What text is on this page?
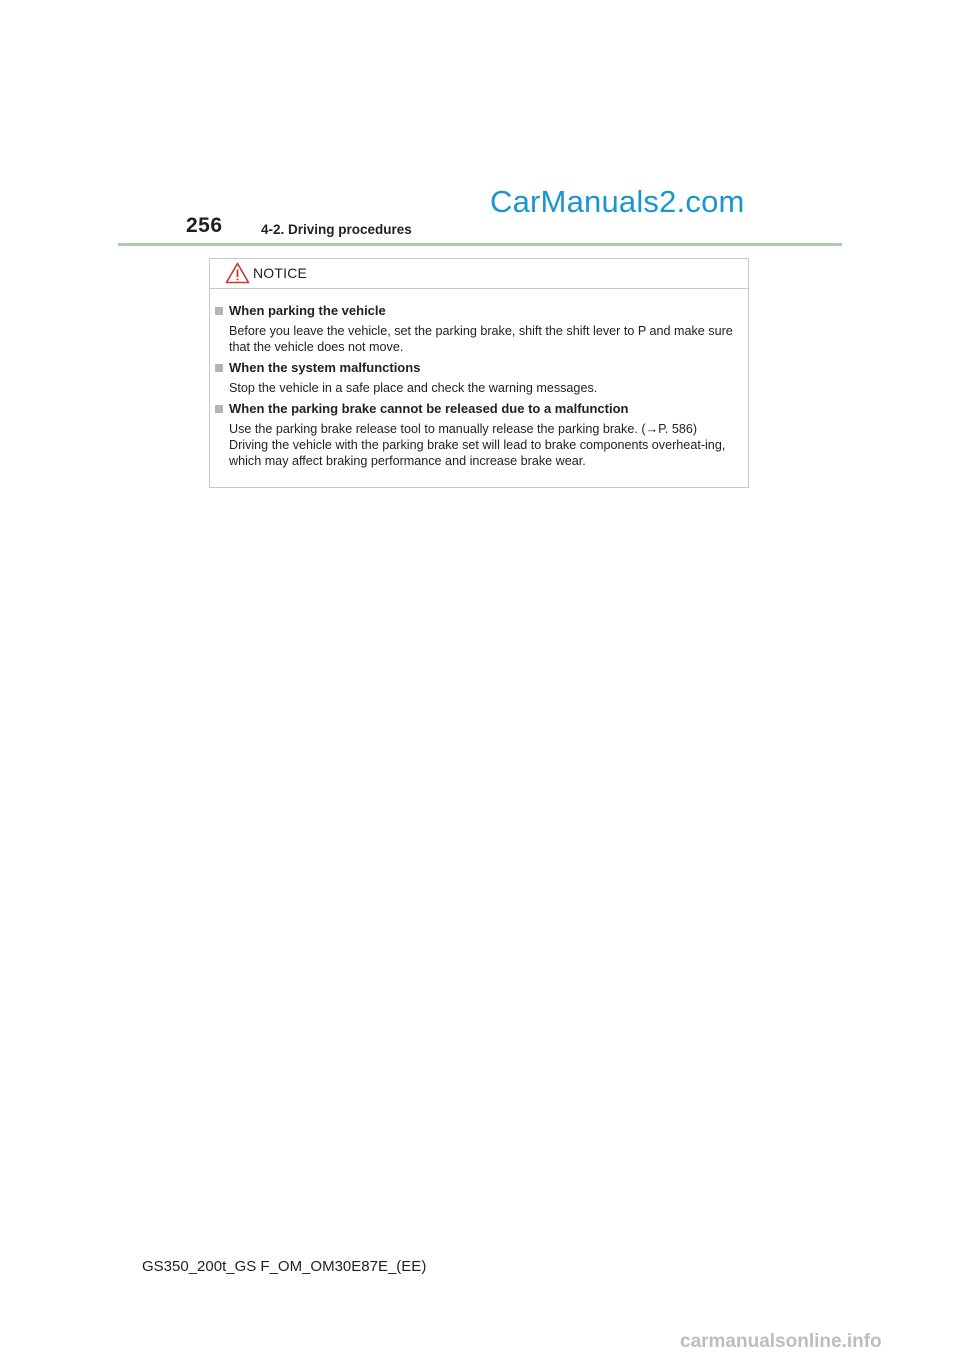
256	4-2. Driving procedures
CarManuals2.com
NOTICE
When parking the vehicle

Before you leave the vehicle, set the parking brake, shift the shift lever to P and make sure that the vehicle does not move.

When the system malfunctions

Stop the vehicle in a safe place and check the warning messages.

When the parking brake cannot be released due to a malfunction

Use the parking brake release tool to manually release the parking brake. (→P. 586)

Driving the vehicle with the parking brake set will lead to brake components overheat-ing, which may affect braking performance and increase brake wear.

GS350_200t_GS F_OM_OM30E87E_(EE)
carmanualsonline.info
